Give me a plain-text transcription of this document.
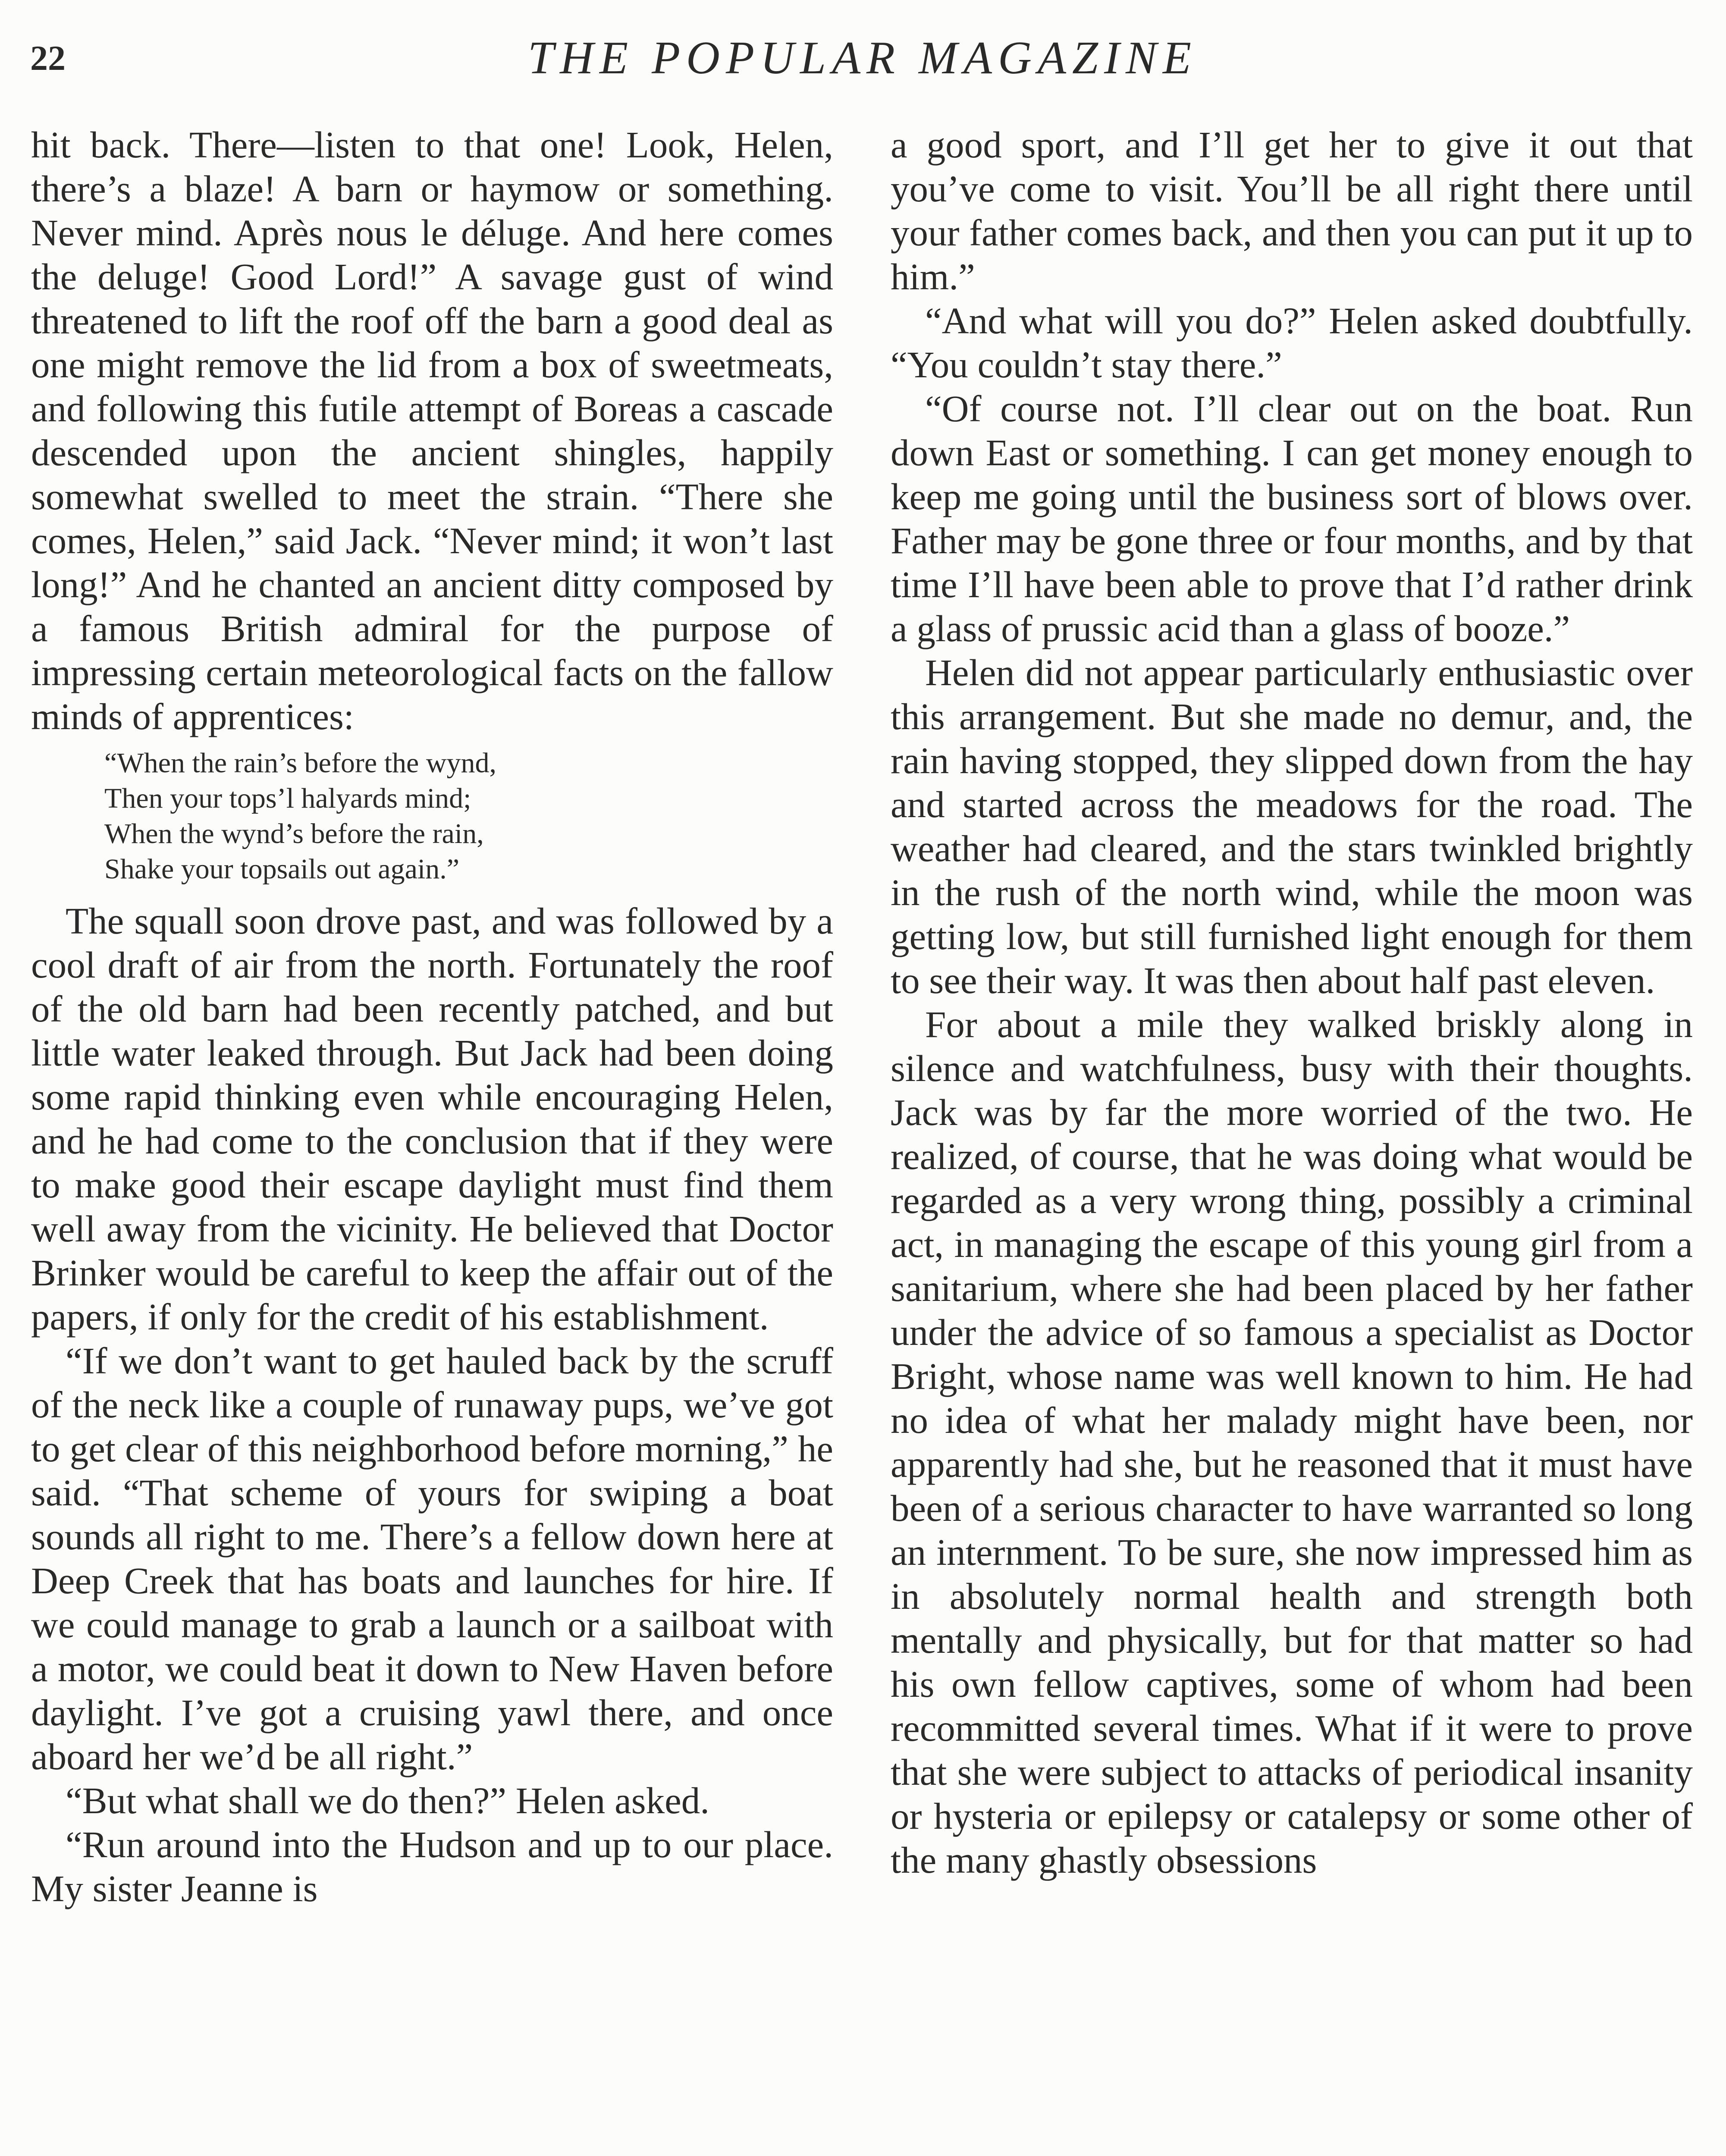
22	THE POPULAR MAGAZINE

hit back. There—listen to that one! Look, Helen, there’s a blaze! A barn or haymow or something. Never mind. Après nous le déluge. And here comes the deluge! Good Lord!” A savage gust of wind threatened to lift the roof off the barn a good deal as one might remove the lid from a box of sweetmeats, and following this futile attempt of Boreas a cascade descended upon the ancient shingles, happily somewhat swelled to meet the strain. “There she comes, Helen,” said Jack. “Never mind; it won’t last long!” And he chanted an ancient ditty composed by a famous British admiral for the purpose of impressing certain meteorological facts on the fallow minds of apprentices:

“When the rain’s before the wynd,
Then your tops’l halyards mind;
When the wynd’s before the rain,
Shake your topsails out again.”

The squall soon drove past, and was followed by a cool draft of air from the north. Fortunately the roof of the old barn had been recently patched, and but little water leaked through. But Jack had been doing some rapid thinking even while encouraging Helen, and he had come to the conclusion that if they were to make good their escape daylight must find them well away from the vicinity. He believed that Doctor Brinker would be careful to keep the affair out of the papers, if only for the credit of his establishment.

“If we don’t want to get hauled back by the scruff of the neck like a couple of runaway pups, we’ve got to get clear of this neighborhood before morning,” he said. “That scheme of yours for swiping a boat sounds all right to me. There’s a fellow down here at Deep Creek that has boats and launches for hire. If we could manage to grab a launch or a sailboat with a motor, we could beat it down to New Haven before daylight. I’ve got a cruising yawl there, and once aboard her we’d be all right.”

“But what shall we do then?” Helen asked.

“Run around into the Hudson and up to our place. My sister Jeanne is

a good sport, and I’ll get her to give it out that you’ve come to visit. You’ll be all right there until your father comes back, and then you can put it up to him.”

“And what will you do?” Helen asked doubtfully. “You couldn’t stay there.”

“Of course not. I’ll clear out on the boat. Run down East or something. I can get money enough to keep me going until the business sort of blows over. Father may be gone three or four months, and by that time I’ll have been able to prove that I’d rather drink a glass of prussic acid than a glass of booze.”

Helen did not appear particularly enthusiastic over this arrangement. But she made no demur, and, the rain having stopped, they slipped down from the hay and started across the meadows for the road. The weather had cleared, and the stars twinkled brightly in the rush of the north wind, while the moon was getting low, but still furnished light enough for them to see their way. It was then about half past eleven.

For about a mile they walked briskly along in silence and watchfulness, busy with their thoughts. Jack was by far the more worried of the two. He realized, of course, that he was doing what would be regarded as a very wrong thing, possibly a criminal act, in managing the escape of this young girl from a sanitarium, where she had been placed by her father under the advice of so famous a specialist as Doctor Bright, whose name was well known to him. He had no idea of what her malady might have been, nor apparently had she, but he reasoned that it must have been of a serious character to have warranted so long an internment. To be sure, she now impressed him as in absolutely normal health and strength both mentally and physically, but for that matter so had his own fellow captives, some of whom had been recommitted several times. What if it were to prove that she were subject to attacks of periodical insanity or hysteria or epilepsy or catalepsy or some other of the many ghastly obsessions
